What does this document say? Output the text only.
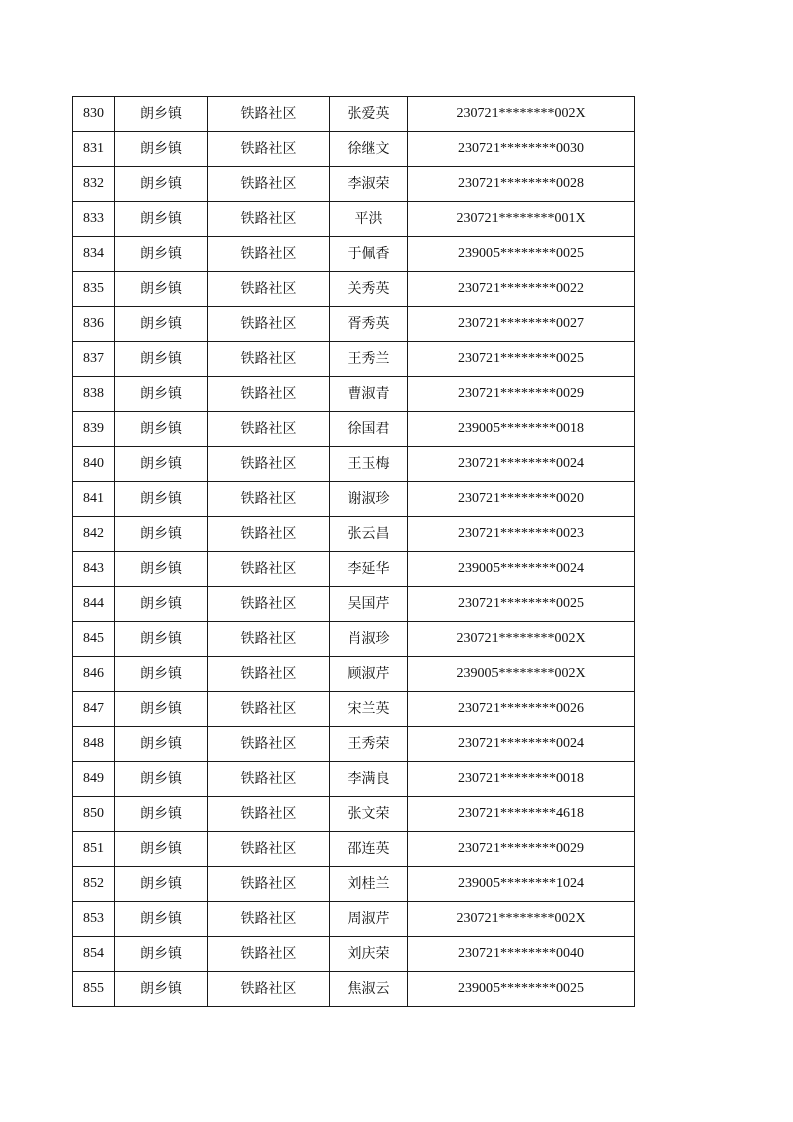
830	朗乡镇	铁路社区	张爱英	230721********002X
831	朗乡镇	铁路社区	徐继文	230721********0030
832	朗乡镇	铁路社区	李淑荣	230721********0028
833	朗乡镇	铁路社区	平洪	230721********001X
834	朗乡镇	铁路社区	于佩香	239005********0025
835	朗乡镇	铁路社区	关秀英	230721********0022
836	朗乡镇	铁路社区	胥秀英	230721********0027
837	朗乡镇	铁路社区	王秀兰	230721********0025
838	朗乡镇	铁路社区	曹淑青	230721********0029
839	朗乡镇	铁路社区	徐国君	239005********0018
840	朗乡镇	铁路社区	王玉梅	230721********0024
841	朗乡镇	铁路社区	谢淑珍	230721********0020
842	朗乡镇	铁路社区	张云昌	230721********0023
843	朗乡镇	铁路社区	李延华	239005********0024
844	朗乡镇	铁路社区	吴国芹	230721********0025
845	朗乡镇	铁路社区	肖淑珍	230721********002X
846	朗乡镇	铁路社区	顾淑芹	239005********002X
847	朗乡镇	铁路社区	宋兰英	230721********0026
848	朗乡镇	铁路社区	王秀荣	230721********0024
849	朗乡镇	铁路社区	李满良	230721********0018
850	朗乡镇	铁路社区	张文荣	230721********4618
851	朗乡镇	铁路社区	邵连英	230721********0029
852	朗乡镇	铁路社区	刘桂兰	239005********1024
853	朗乡镇	铁路社区	周淑芹	230721********002X
854	朗乡镇	铁路社区	刘庆荣	230721********0040
855	朗乡镇	铁路社区	焦淑云	239005********0025
